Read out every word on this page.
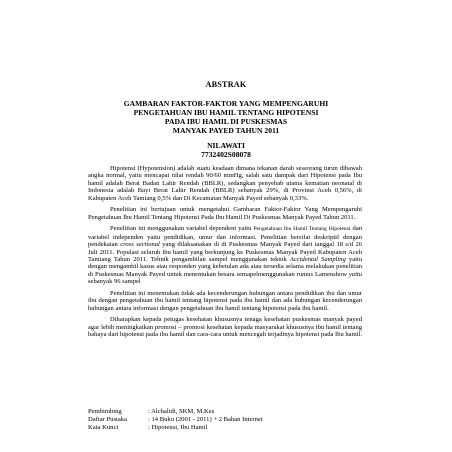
ABSTRAK
GAMBARAN FAKTOR-FAKTOR YANG MEMPENGARUHI
PENGETAHUAN IBU HAMIL TENTANG HIPOTENSI
PADA IBU HAMIL DI PUSKESMAS
MANYAK PAYED TAHUN 2011
NILAWATI
7732402S08078

Hipotensi (Hypotension) adalah suatu keadaan dimana tekanan darah seseorang turun dibawah angka normal, yaitu mencapai nilai rendah 90/60 mmHg, salah satu dampak dari Hipotensi pada Ibu hamil adalah Berat Badan Lahir Rendah (BBLR), sedangkan penyebab utama kematian neonatal di Indonesia adalah Bayi Berat Lahir Rendah (BBLR) sebanyak 29%, di Provinsi Aceh 0,56%, di Kabupaten Aceh Tamiang 0,5% dan Di Kecamatan Manyak Payed sebanyak 0,33%.

Penelitian ini bertujuan untuk mengetahui Gambaran Faktor-Faktor Yang Mempengaruhi Pengetahuan Ibu Hamil Tentang Hipotensi Pada Ibu Hamil Di Puskesmas Manyak Payed Tahun 2011.

Penelitian ini menggunakan variabel dependent yaitu Pengetahuan Ibu Hamil Tentang Hipotensi dan variabel independen yaitu pendidikan, umur dan informasi. Penelitian bersifat deskriptif dengan pendekatan cross sectional yang dilaksanakan di di Puskesmas Manyak Payed dari tanggal 18 s/d 26 Juli 2011. Populasi seluruh ibu hamil yang berkunjung ke Puskesmas Manyak Payed Kabupaten Aceh Tamiang Tahun 2011. Tehnik pengambilan sampel menggunakan teknik Accidental Sampling yaitu dengan mengambil kasus atau responden yang kebetulan ada atau tersedia selama melakukan penelitian di Puskesmas Manyak Payed untuk menentukan besara semapelmenggunakan rumus Lamenshow yaitu sebanyak 96 sampel

Penelitian ini menemukan tidak ada kecenderungan hubungan antara pendidikan ibu dan umur ibu dengan pengetahuan ibu hamil tentang hipotensi pada ibu hamil dan ada hubungan kecenderungan hubungan antara informasi dengan pengetahuan ibu hamil tentang hipotensi pada ibu hamil.

Diharapkan kepada petugas kesehatan khususnya tenaga kesehatan puskesmas manyak payed agar lebih meningkatkan promosi – promosi kesehatan kepada masyarakat khususnya ibu hamil tentang bahaya dari hipotensi pada ibu hamil dan cara-cara untuk mencegah terjadinya hipotensi pada Ibu hamil.

Pembimbing	: Alchalidi, SKM, M.Kes
Daftar Pustaka	: 14 Buku (2001 - 2011) + 2 Bahan Internet
Kata Kunci	: Hipotensi, Ibu Hamil
